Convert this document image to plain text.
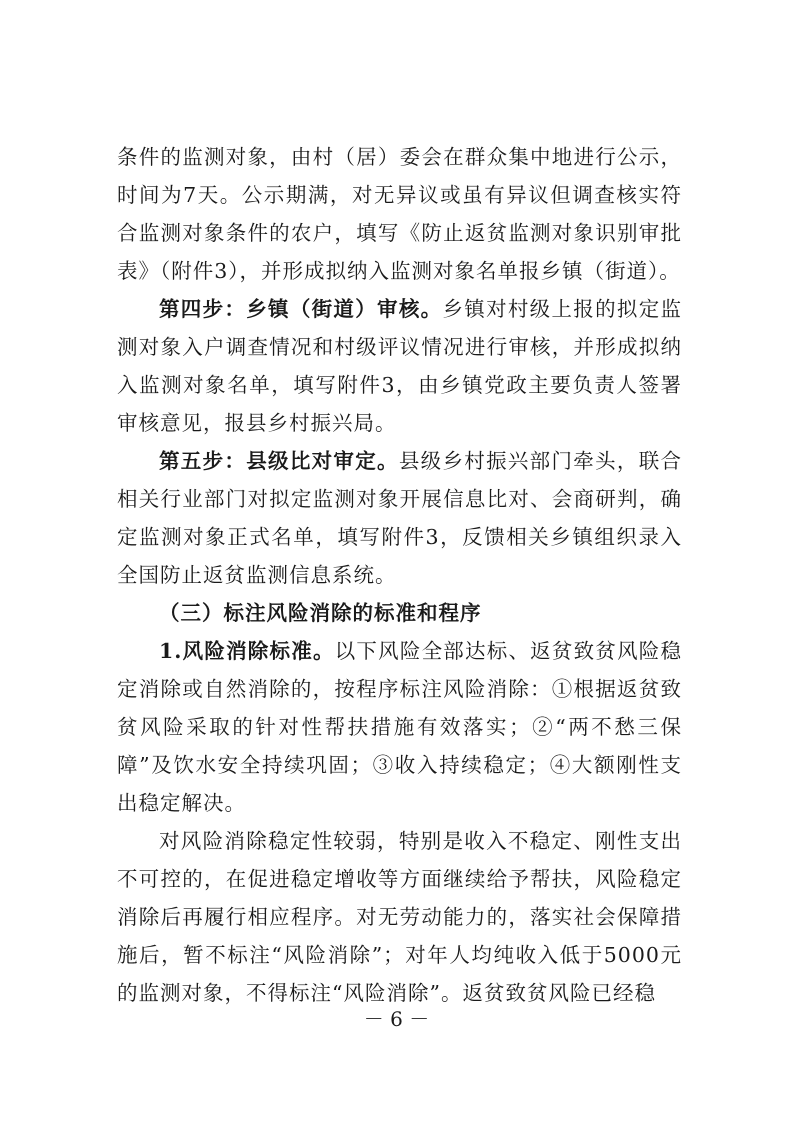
条件的监测对象，由村（居）委会在群众集中地进行公示，时间为7天。公示期满，对无异议或虽有异议但调查核实符合监测对象条件的农户，填写《防止返贫监测对象识别审批表》（附件3），并形成拟纳入监测对象名单报乡镇（街道）。

第四步：乡镇（街道）审核。乡镇对村级上报的拟定监测对象入户调查情况和村级评议情况进行审核，并形成拟纳入监测对象名单，填写附件3，由乡镇党政主要负责人签署审核意见，报县乡村振兴局。

第五步：县级比对审定。县级乡村振兴部门牵头，联合相关行业部门对拟定监测对象开展信息比对、会商研判，确定监测对象正式名单，填写附件3，反馈相关乡镇组织录入全国防止返贫监测信息系统。

（三）标注风险消除的标准和程序

1.风险消除标准。以下风险全部达标、返贫致贫风险稳定消除或自然消除的，按程序标注风险消除：①根据返贫致贫风险采取的针对性帮扶措施有效落实；②“两不愁三保障”及饮水安全持续巩固；③收入持续稳定；④大额刚性支出稳定解决。

对风险消除稳定性较弱，特别是收入不稳定、刚性支出不可控的，在促进稳定增收等方面继续给予帮扶，风险稳定消除后再履行相应程序。对无劳动能力的，落实社会保障措施后，暂不标注“风险消除”；对年人均纯收入低于5000元的监测对象，不得标注“风险消除”。返贫致贫风险已经稳

－ 6 －
